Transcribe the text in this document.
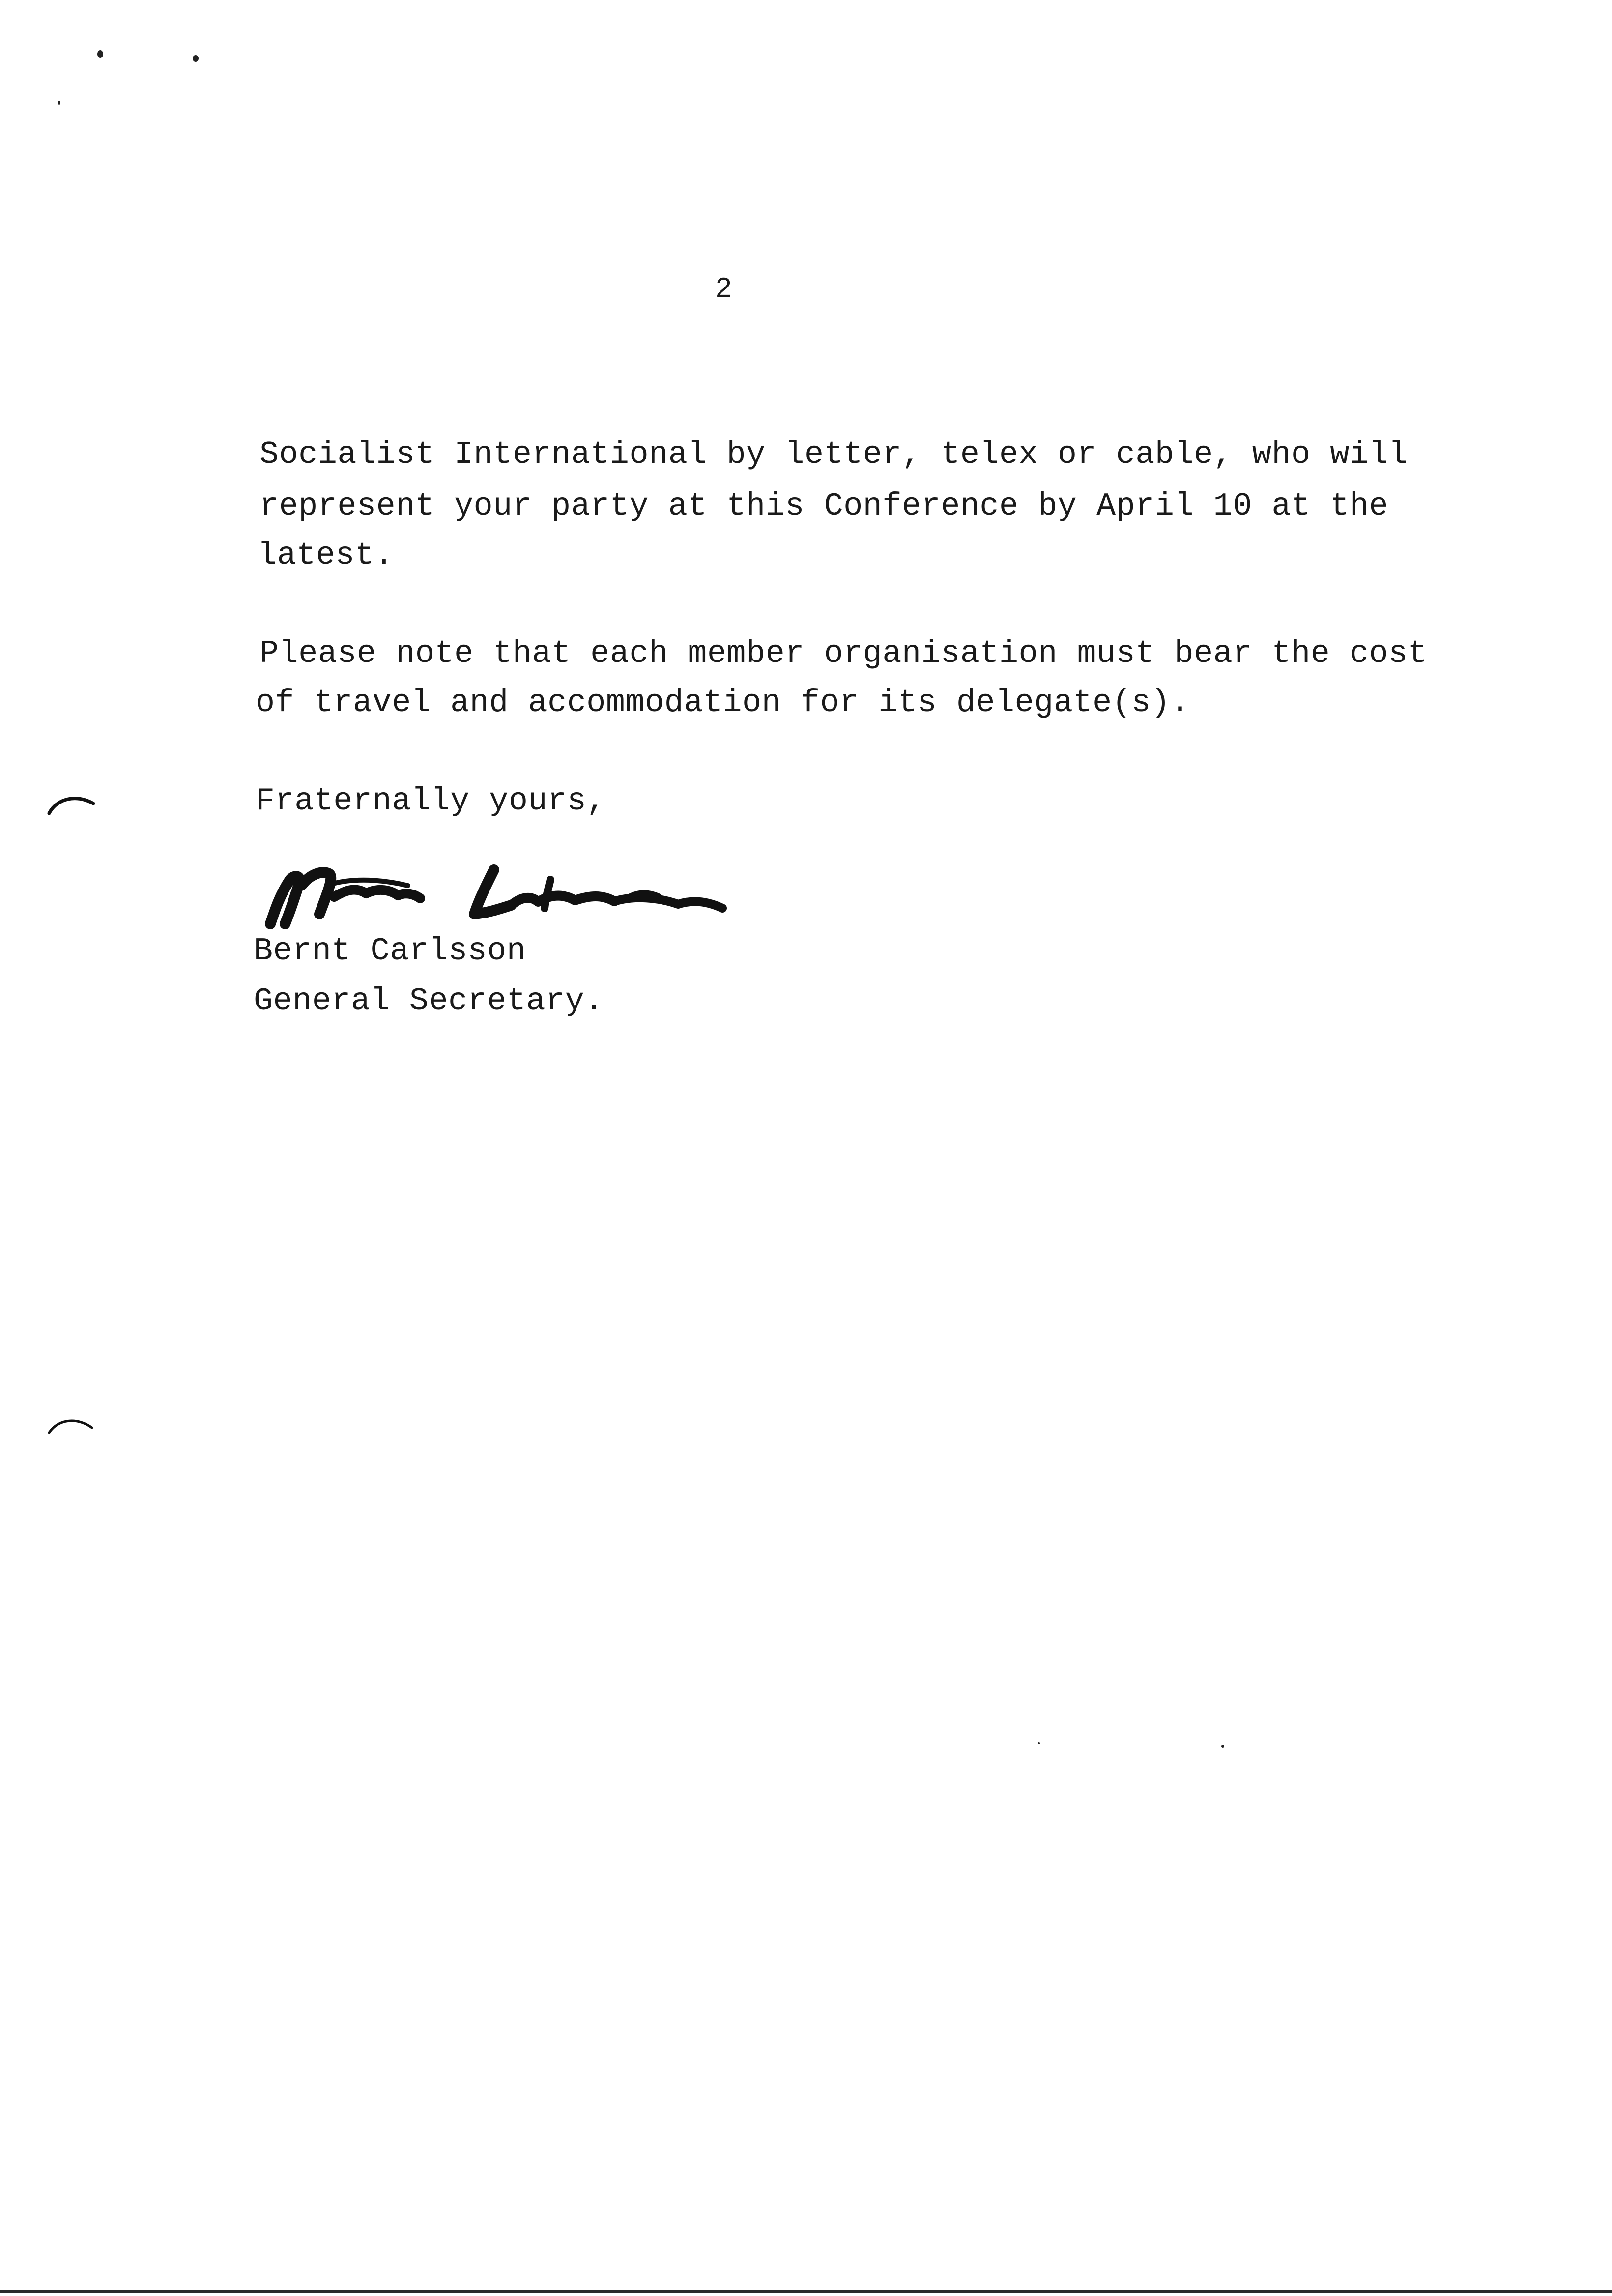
2
Socialist International by letter, telex or cable, who will
represent your party at this Conference by April 10 at the
latest.
Please note that each member organisation must bear the cost
of travel and accommodation for its delegate(s).
Fraternally yours,
Bernt Carlsson
General Secretary.
